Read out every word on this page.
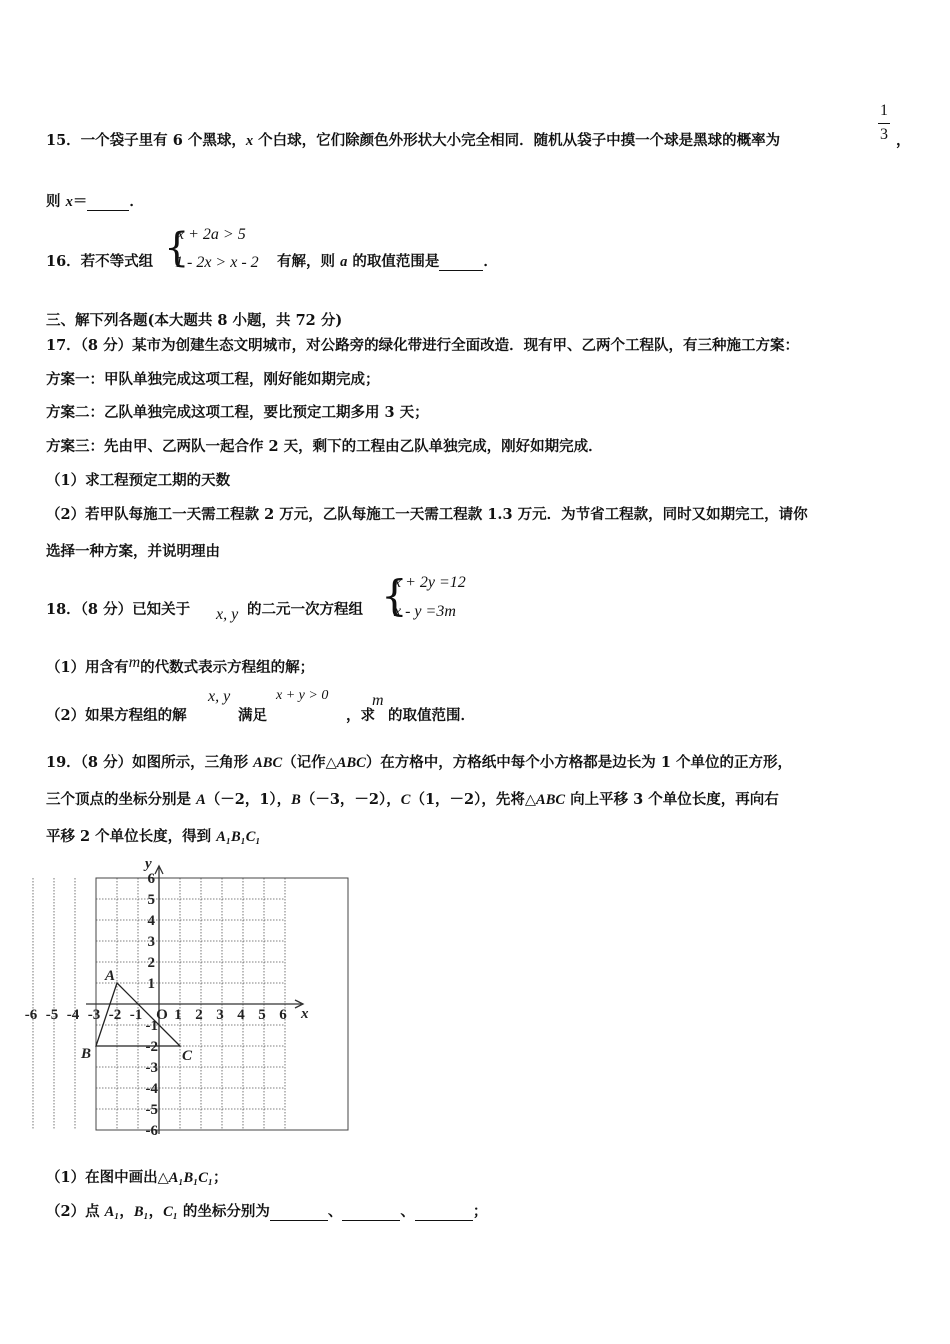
15．一个袋子里有 6 个黑球，x 个白球，它们除颜色外形状大小完全相同．随机从袋子中摸一个球是黑球的概率为
1
3 ，
则 x＝	．
16．若不等式组 {
x + 2a > 5
1 - 2x > x - 2 有解，则 a 的取值范围是	．
三、解下列各题(本大题共 8 小题，共 72 分)
17．（8 分）某市为创建生态文明城市，对公路旁的绿化带进行全面改造．现有甲、乙两个工程队，有三种施工方案：
方案一：甲队单独完成这项工程，刚好能如期完成；
方案二：乙队单独完成这项工程，要比预定工期多用 3 天；
方案三：先由甲、乙两队一起合作 2 天，剩下的工程由乙队单独完成，刚好如期完成．
（1）求工程预定工期的天数
（2）若甲队每施工一天需工程款 2 万元，乙队每施工一天需工程款 1.3 万元．为节省工程款，同时又如期完工，请你
选择一种方案，并说明理由
18．（8 分）已知关于 x, y 的二元一次方程组 {
x + 2y =12
x - y =3m
（1）用含有m的代数式表示方程组的解；
（2）如果方程组的解
x, y
满足
x + y > 0
，求
m
的取值范围．
19．（8 分）如图所示，三角形 ABC（记作△ABC）在方格中，方格纸中每个小方格都是边长为 1 个单位的正方形，
三个顶点的坐标分别是 A（－2，1），B（－3，－2），C（1，－2），先将△ABC 向上平移 3 个单位长度，再向右
平移 2 个单位长度，得到 A₁B₁C₁
-6 -5 -4 -3 -2 -1 O 1 2 3 4 5 6
1
2
3
4
5
6
-1
-2
-3
-4
-5
-6
x
y
A
B	C
（1）在图中画出△A₁B₁C₁；
（2）点 A₁，B₁，C₁ 的坐标分别为	、	、	；
